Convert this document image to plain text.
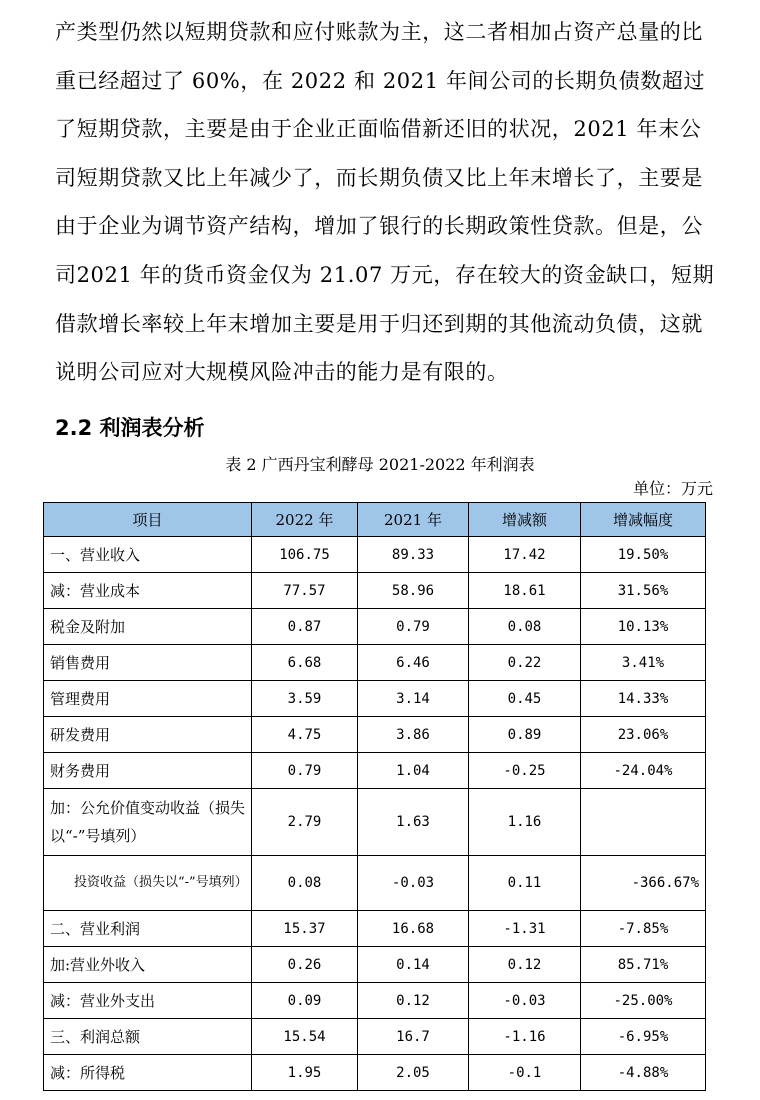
产类型仍然以短期贷款和应付账款为主，这二者相加占资产总量的比重已经超过了 60%，在 2022 和 2021 年间公司的长期负债数超过了短期贷款，主要是由于企业正面临借新还旧的状况，2021 年末公司短期贷款又比上年减少了，而长期负债又比上年末增长了，主要是由于企业为调节资产结构，增加了银行的长期政策性贷款。但是，公司2021 年的货币资金仅为 21.07 万元，存在较大的资金缺口，短期借款增长率较上年末增加主要是用于归还到期的其他流动负债，这就说明公司应对大规模风险冲击的能力是有限的。

2.2 利润表分析
表 2 广西丹宝利酵母 2021-2022 年利润表
单位：万元
项目	2022 年	2021 年	增减额	增减幅度
一、营业收入	106.75	89.33	17.42	19.50%
减：营业成本	77.57	58.96	18.61	31.56%
税金及附加	0.87	0.79	0.08	10.13%
销售费用	6.68	6.46	0.22	3.41%
管理费用	3.59	3.14	0.45	14.33%
研发费用	4.75	3.86	0.89	23.06%
财务费用	0.79	1.04	-0.25	-24.04%
加：公允价值变动收益（损失以“-”号填列）	2.79	1.63	1.16	
投资收益（损失以“-”号填列）	0.08	-0.03	0.11	-366.67%
二、营业利润	15.37	16.68	-1.31	-7.85%
加:营业外收入	0.26	0.14	0.12	85.71%
减：营业外支出	0.09	0.12	-0.03	-25.00%
三、利润总额	15.54	16.7	-1.16	-6.95%
减：所得税	1.95	2.05	-0.1	-4.88%
